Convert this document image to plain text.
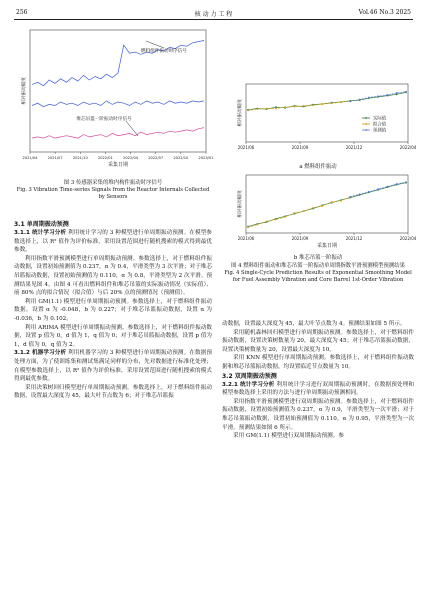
256	核 动 力 工 程	Vol.46 No.3 2025
2021/04	2021/07	2021/10	2022/01	2022/04	2022/07	2022/10	2023/01
相对振动幅度
采集日期
燃料组件振动时序信号
堆芯吊篮一阶振动时序信号
图 3 传感器采集的堆内构件振动时序信号
Fig. 3 Vibration Time-series Signals from the Reactor Internals Collected by Sensors
3.1 单周期振动预测

3.1.1 统计学习分析 利用统计学习的 3 种模型进行单周期振动预测。在模型参数选择上，以 R² 值作为评价标准，采用设置范围进行随机搜索的模式得到最优参数。

利用指数平滑预测模型进行单周期振动预测。参数选择上，对于燃料组件振动数据，设置初始预测值为 0.237，α 为 0.4，平滑类型为 3 次平滑；对于堆芯吊篮振动数据，设置初始预测值为 0.110，α 为 0.8，平滑类型为 2 次平滑。预测结果见图 4。由图 4 可看出燃料组件和堆芯吊篮的实际振动情况（实际值）、前 80% 点的拟合情况（拟合值）与后 20% 点的预测情况（预测值）。

利用 GM(1.1) 模型进行单周期振动预测。参数选择上，对于燃料组件振动数据，设置 α 为 -0.048，b 为 0.227；对于堆芯吊篮振动数据，设置 α 为 -0.036，b 为 0.102。

利用 ARIMA 模型进行单周期振动预测。参数选择上，对于燃料组件振动数据，设置 p 值为 0，d 值为 1，q 值为 0；对于堆芯吊篮振动数据，设置 p 值为 1，d 值为 0，q 值为 2。

3.1.2 机器学习分析 利用机器学习的 3 种模型进行单周期振动预测。在数据预处理方面，为了使训练集和测试集满足同样的分布，先对数据进行标准化处理；在模型参数选择上，以 R² 值作为评价标准，采用设置范围进行随机搜索的模式得到最优参数。

采用决策树回归模型进行单周期振动预测。参数选择上，对于燃料组件振动数据，设置最大深度为 45，最大叶节点数为 6；对于堆芯吊篮振

2021/06	2021/09	2021/12	2022/04
相对振动幅度	实际值
拟合值
预测值
a 燃料组件振动
2021/06	2021/09	2021/12	2022/04
相对振动幅度
采集日期
b 堆芯吊篮一阶振动
图 4 燃料组件振动和堆芯吊篮一阶振动单周期指数平滑预测模型预测结果
Fig. 4 Single-Cycle Prediction Results of Exponential Smoothing Model for Fuel Assembly Vibration and Core Barrel 1st-Order Vibration

动数据，设置最大深度为 45，最大叶节点数为 4。预测结果如图 5 所示。

采用随机森林回归模型进行单周期振动预测。参数选择上，对于燃料组件振动数据，设置决策树数量为 20，最大深度为 45；对于堆芯吊篮振动数据，设置决策树数量为 20，设置最大深度为 10。

采用 KNN 模型进行单周期振动预测。参数选择上，对于燃料组件振动数据和堆芯吊篮振动数据，均设置临近节点数量为 10。

3.2 双周期振动预测

3.2.1 统计学习分析 利用统计学习进行双周期振动预测时，在数据预处理和模型参数选择上采用的方法与进行单周期振动预测相同。

采用指数平滑预测模型进行双周期振动预测。参数选择上，对于燃料组件振动数据，设置初始预测值为 0.237，α 为 0.9，平滑类型为一次平滑；对于堆芯吊篮振动数据，设置初始预测值为 0.110，α 为 0.95，平滑类型为一次平滑。预测结果如图 6 所示。

采用 GM(1.1) 模型进行双周期振动预测。参
